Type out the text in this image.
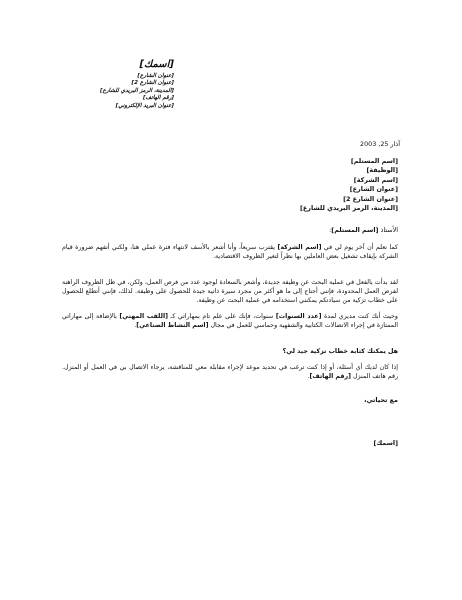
[اسمك]
[عنوان الشارع]
[عنوان الشارع 2]
[المدينة، الرمز البريدي للشارع]
[رقم الهاتف]
[عنوان البريد الإلكتروني]
آذار 25, 2003
[اسم المستلم]
[الوظيفة]
[اسم الشركة]
[عنوان الشارع]
[عنوان الشارع 2]
[المدينة، الرمز البريدي للشارع]
الأستاذ [اسم المستلم]:
كما تعلم أن آخر يوم لي في [اسم الشركة] يقترب سريعاً، وأنا أشعر بالأسف لانتهاء فترة عملي هنا، ولكني أتفهم ضرورة قيام الشركة بإيقاف تشغيل بعض العاملين بها نظراً لتغير الظروف الاقتصادية.
لقد بدأت بالفعل في عملية البحث عن وظيفة جديدة، وأشعر بالسعادة لوجود عدد من فرص العمل، ولكن، في ظل الظروف الراهنة لفرص العمل المحدودة، فإنني أحتاج إلى ما هو أكثر من مجرد سيرة ذاتية جيدة للحصول على وظيفة. لذلك، فإنني أتطلع للحصول على خطاب تزكية من سيادتكم يمكنني استخدامه في عملية البحث عن وظيفة.
وحيث أنك كنت مديري لمدة [عدد السنوات] سنوات، فإنك على علم تام بمهاراتي كـ [اللقب المهني] بالإضافة إلى مهاراتي الممتازة في إجراء الاتصالات الكتابية والشفهية وحماسي للعمل في مجال [اسم النشاط الصناعي].
هل يمكنك كتابة خطاب تزكية جيد لي؟
إذا كان لديك أي أسئلة، أو إذا كنت ترغب في تحديد موعد لإجراء مقابلة معي للمناقشة، يرجاء الاتصال بي في العمل أو المنزل. رقم هاتف المنزل [رقم الهاتف].
مع تحياتي،
[اسمك]
